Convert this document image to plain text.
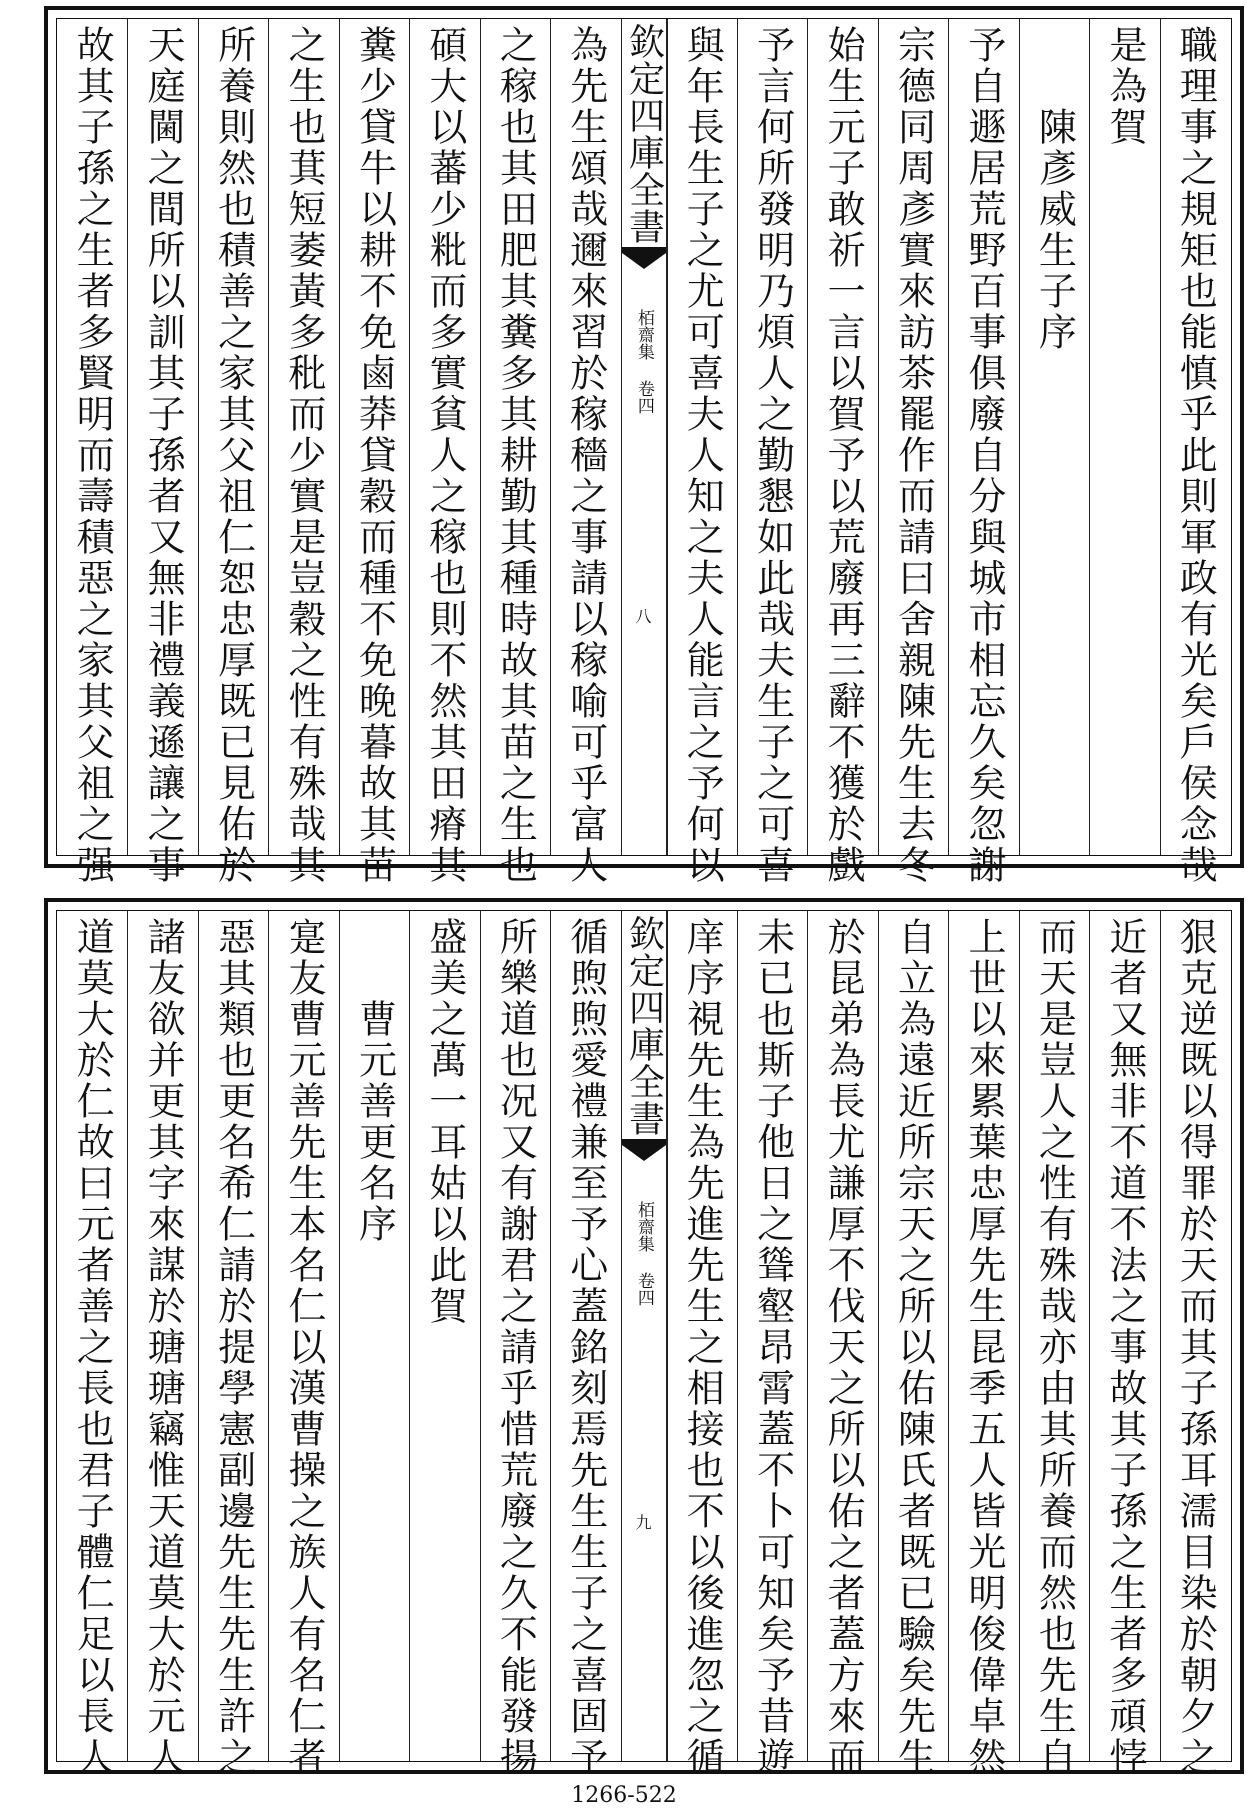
故其子孫之生者多賢明而壽積惡之家其父祖之强 天庭閫之間所以訓其子孫者又無非禮義遜讓之事 所養則然也積善之家其父祖仁恕忠厚既已見佑於 之生也萁短萎黃多秕而少實是豈穀之性有殊哉其 糞少貸牛以耕不免鹵莽貸穀而種不免晚暮故其苗 碩大以蕃少粃而多實貧人之稼也則不然其田瘠其 之稼也其田肥其糞多其耕勤其種時故其苗之生也 為先生頌哉邇來習於稼穡之事請以稼喻可乎富人 欽定四庫全書
栢齋集 卷四
八 與年長生子之尤可喜夫人知之夫人能言之予何以 予言何所發明乃煩人之勤懇如此哉夫生子之可喜 始生元子敢祈一言以賀予以荒廢再三辭不獲於戲 宗德同周彥實來訪茶罷作而請曰舍親陳先生去冬 予自遯居荒野百事俱廢自分與城市相忘久矣忽謝 陳彥威生子序
是為賀 職理事之規矩也能慎乎此則軍政有光矣戶侯念哉
道莫大於仁故曰元者善之長也君子體仁足以長人 諸友欲并更其字來謀於瑭瑭竊惟天道莫大於元人 惡其類也更名希仁請於提學憲副邊先生先生許之 寔友曹元善先生本名仁以漢曹操之族人有名仁者 曹元善更名序 盛美之萬一耳姑以此賀 所樂道也况又有謝君之請乎惜荒廢之久不能發揚 循煦煦愛禮兼至予心蓋銘刻焉先生生子之喜固予 欽定四庫全書
栢齋集 卷四
九 庠序視先生為先進先生之相接也不以後進忽之循 未已也斯子他日之聳壑昂霄蓋不卜可知矣予昔遊 於昆弟為長尤謙厚不伐天之所以佑之者蓋方來而 自立為遠近所宗天之所以佑陳氏者既已驗矣先生 上世以來累葉忠厚先生昆季五人皆光明俊偉卓然 而天是豈人之性有殊哉亦由其所養而然也先生自 近者又無非不道不法之事故其子孫之生者多頑悖 狠克逆既以得罪於天而其子孫耳濡目染於朝夕之
1266-522
